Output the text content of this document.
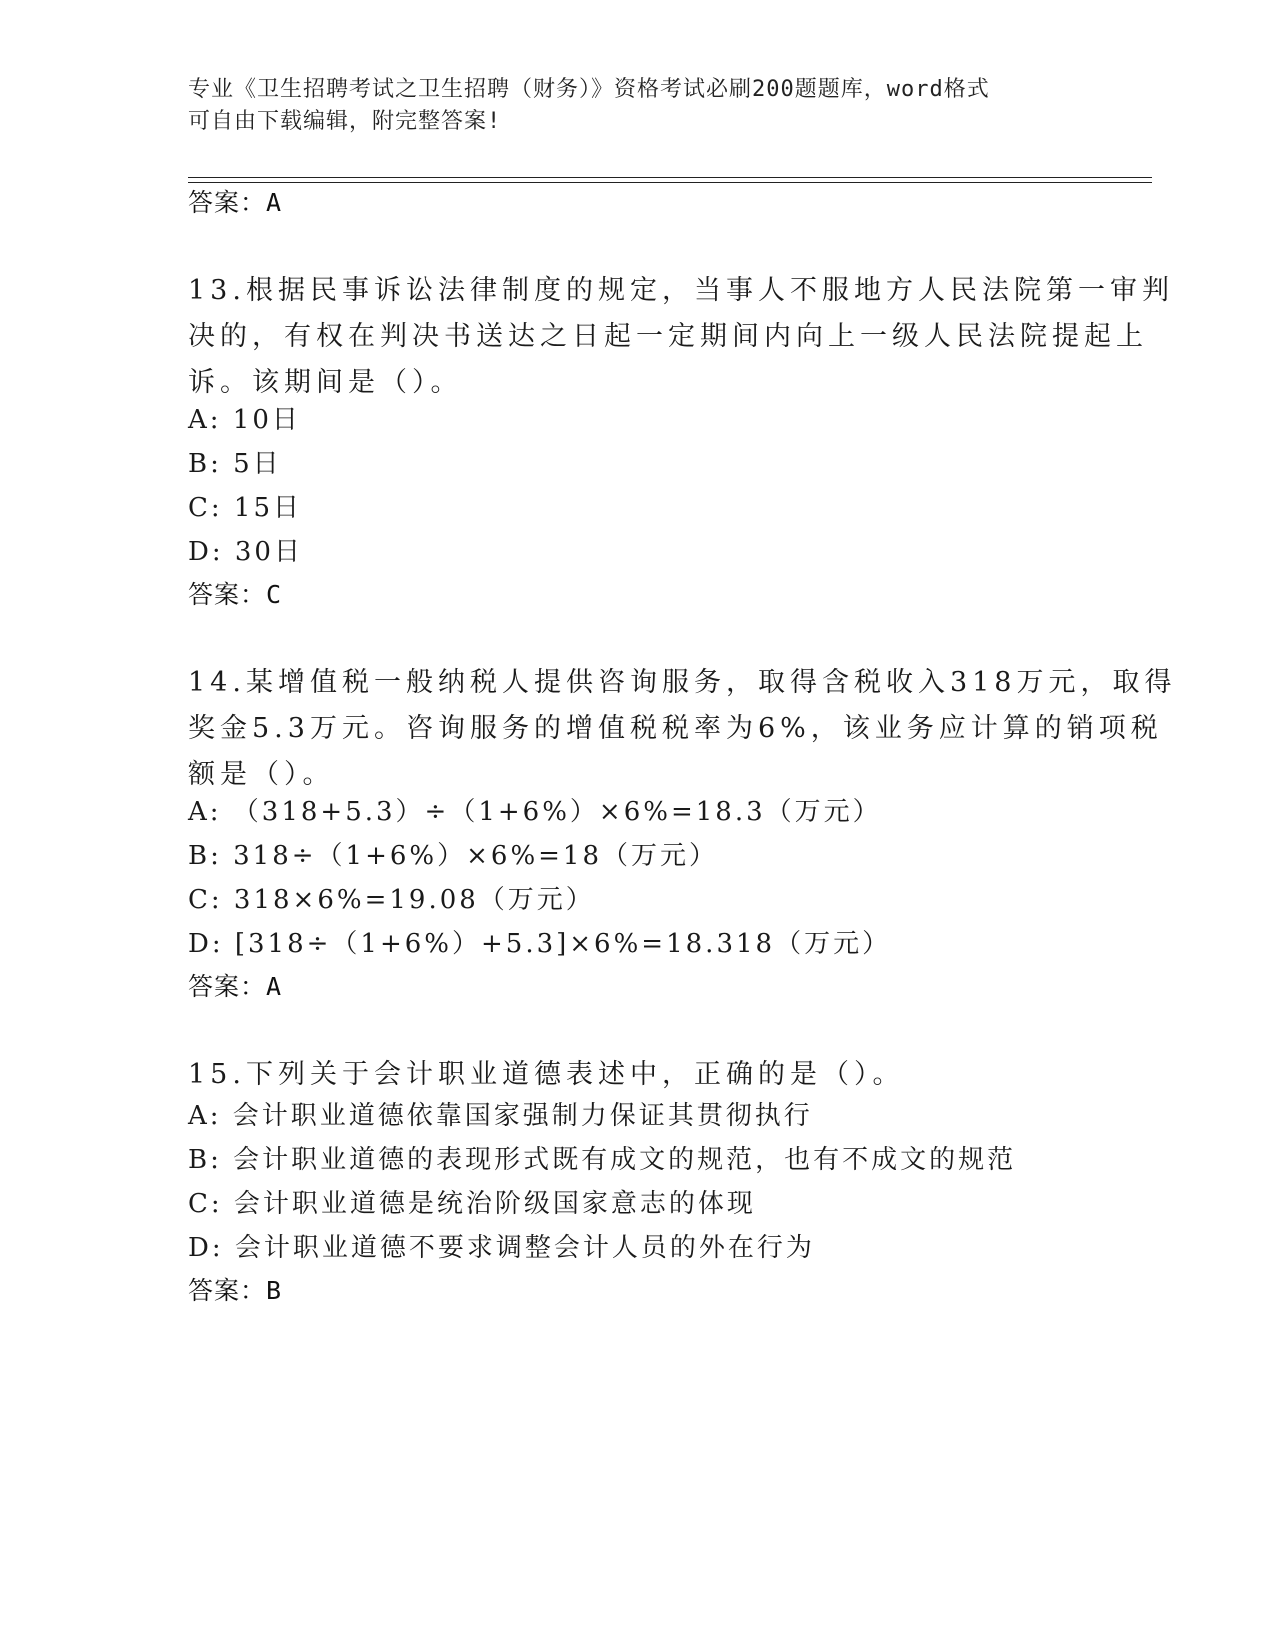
专业《卫生招聘考试之卫生招聘（财务）》资格考试必刷200题题库，word格式
可自由下载编辑，附完整答案!
答案：A
13.根据民事诉讼法律制度的规定，当事人不服地方人民法院第一审判
决的，有权在判决书送达之日起一定期间内向上一级人民法院提起上
诉。该期间是（）。
A: 10日
B: 5日
C: 15日
D: 30日
答案：C
14.某增值税一般纳税人提供咨询服务，取得含税收入318万元，取得
奖金5.3万元。咨询服务的增值税税率为6%，该业务应计算的销项税
额是（）。
A: （318+5.3）÷（1+6%）×6%=18.3（万元）
B: 318÷（1+6%）×6%=18（万元）
C: 318×6%=19.08（万元）
D: [318÷（1+6%）+5.3]×6%=18.318（万元）
答案：A
15.下列关于会计职业道德表述中，正确的是（）。
A: 会计职业道德依靠国家强制力保证其贯彻执行
B: 会计职业道德的表现形式既有成文的规范，也有不成文的规范
C: 会计职业道德是统治阶级国家意志的体现
D: 会计职业道德不要求调整会计人员的外在行为
答案：B
